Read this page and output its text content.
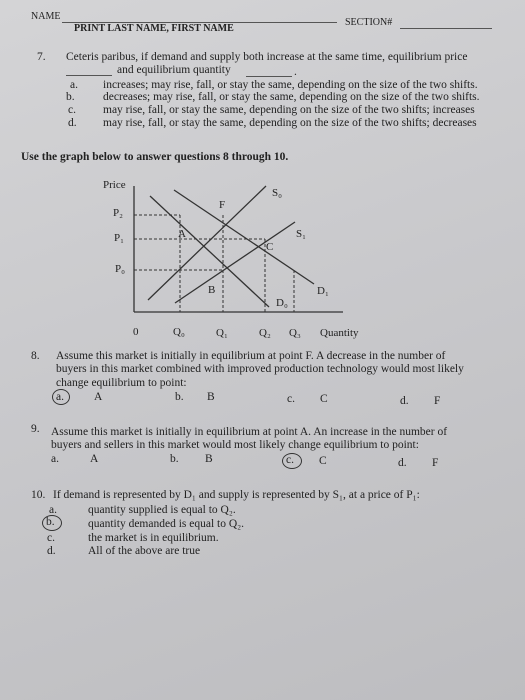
NAME
PRINT LAST NAME, FIRST NAME
SECTION#
7. Ceteris paribus, if demand and supply both increase at the same time, equilibrium price
and equilibrium quantity	.
a. increases; may rise, fall, or stay the same, depending on the size of the two shifts.
b. decreases; may rise, fall, or stay the same, depending on the size of the two shifts.
c. may rise, fall, or stay the same, depending on the size of the two shifts; increases
d. may rise, fall, or stay the same, depending on the size of the two shifts; decreases
Use the graph below to answer questions 8 through 10.
Price
P₂
P₁
P₀
0	Q₀	Q₁	Q₂ Q₃ Quantity
S₀
S₁
D₀
D₁
F
A
C
B
8. Assume this market is initially in equilibrium at point F. A decrease in the number of
buyers in this market combined with improved production technology would most likely
change equilibrium to point:
a.	A	b. B	c. C	d. F
9. Assume this market is initially in equilibrium at point A. An increase in the number of
buyers and sellers in this market would most likely change equilibrium to point:
a.	A	b. B	c. C	d. F
10. If demand is represented by D₁ and supply is represented by S₁, at a price of P₁:
a.	quantity supplied is equal to Q₂.
b.	quantity demanded is equal to Q₂.
c.	the market is in equilibrium.
d.	All of the above are true
